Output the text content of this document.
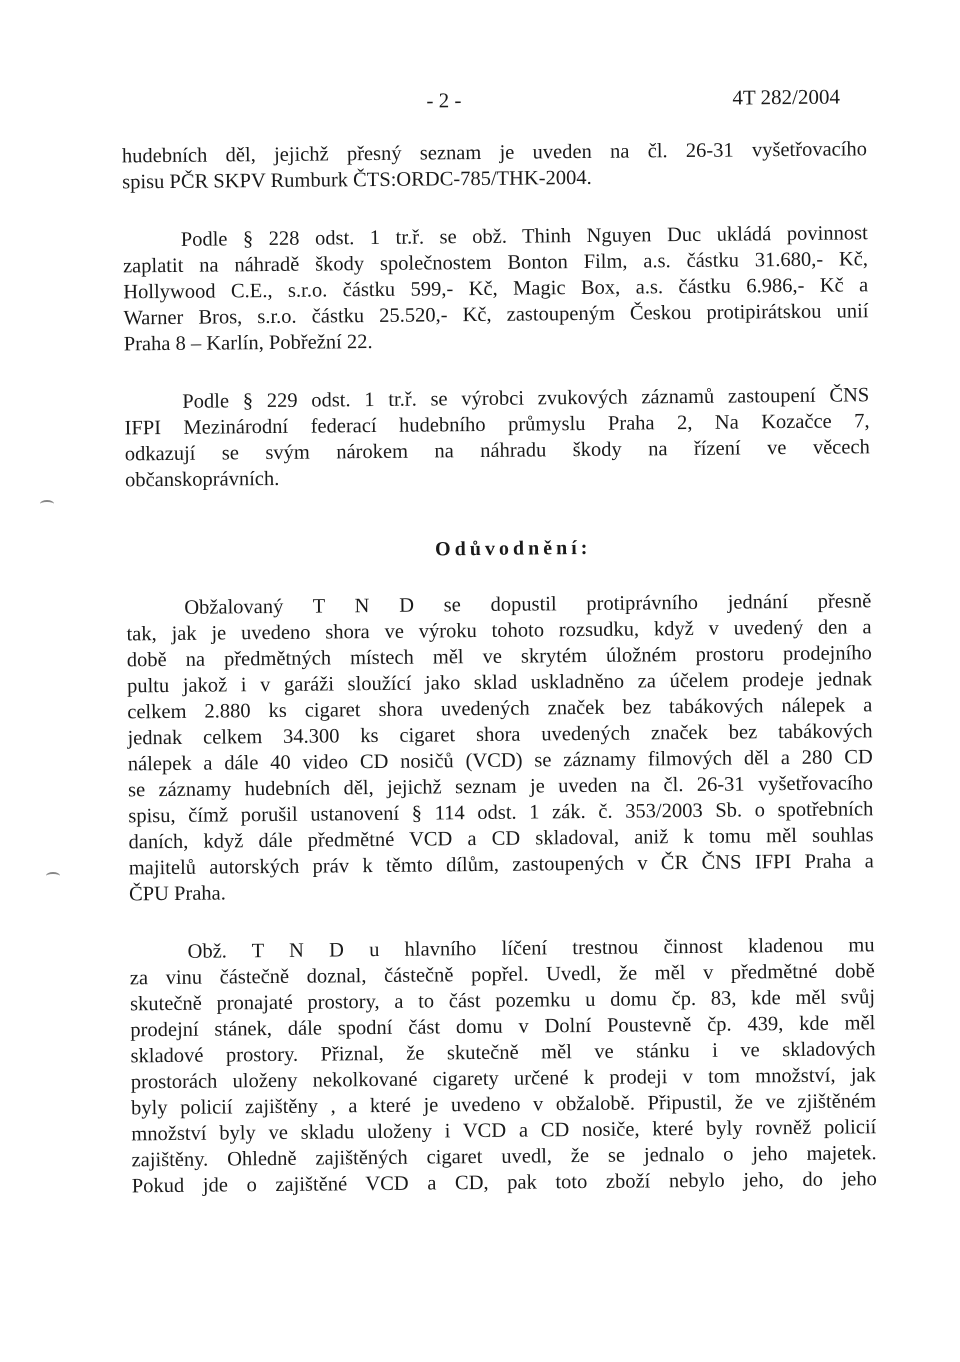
- 2 -	4T 282/2004
hudebních děl, jejichž přesný seznam je uveden na čl. 26-31 vyšetřovacího
spisu PČR SKPV Rumburk ČTS:ORDC-785/THK-2004.
Podle § 228 odst. 1 tr.ř. se obž. Thinh Nguyen Duc ukládá povinnost
zaplatit na náhradě škody společnostem Bonton Film, a.s. částku 31.680,- Kč,
Hollywood C.E., s.r.o. částku 599,- Kč, Magic Box, a.s. částku 6.986,- Kč a
Warner Bros, s.r.o. částku 25.520,- Kč, zastoupeným Českou protipirátskou unií
Praha 8 – Karlín, Pobřežní 22.
Podle § 229 odst. 1 tr.ř. se výrobci zvukových záznamů zastoupení ČNS
IFPI Mezinárodní federací hudebního průmyslu Praha 2, Na Kozačce 7,
odkazují se svým nárokem na náhradu škody na řízení ve věcech
občanskoprávních.

Odůvodnění:

Obžalovaný T N D se dopustil protiprávního jednání přesně
tak, jak je uvedeno shora ve výroku tohoto rozsudku, když v uvedený den a
době na předmětných místech měl ve skrytém úložném prostoru prodejního
pultu jakož i v garáži sloužící jako sklad uskladněno za účelem prodeje jednak
celkem 2.880 ks cigaret shora uvedených značek bez tabákových nálepek a
jednak celkem 34.300 ks cigaret shora uvedených značek bez tabákových
nálepek a dále 40 video CD nosičů (VCD) se záznamy filmových děl a 280 CD
se záznamy hudebních děl, jejichž seznam je uveden na čl. 26-31 vyšetřovacího
spisu, čímž porušil ustanovení § 114 odst. 1 zák. č. 353/2003 Sb. o spotřebních
daních, když dále předmětné VCD a CD skladoval, aniž k tomu měl souhlas
majitelů autorských práv k těmto dílům, zastoupených v ČR ČNS IFPI Praha a
ČPU Praha.
Obž. T N D u hlavního líčení trestnou činnost kladenou mu
za vinu částečně doznal, částečně popřel. Uvedl, že měl v předmětné době
skutečně pronajaté prostory, a to část pozemku u domu čp. 83, kde měl svůj
prodejní stánek, dále spodní část domu v Dolní Poustevně čp. 439, kde měl
skladové prostory. Přiznal, že skutečně měl ve stánku i ve skladových
prostorách uloženy nekolkované cigarety určené k prodeji v tom množství, jak
byly policií zajištěny , a které je uvedeno v obžalobě. Připustil, že ve zjištěném
množství byly ve skladu uloženy i VCD a CD nosiče, které byly rovněž policií
zajištěny. Ohledně zajištěných cigaret uvedl, že se jednalo o jeho majetek.
Pokud jde o zajištěné VCD a CD, pak toto zboží nebylo jeho, do jeho
